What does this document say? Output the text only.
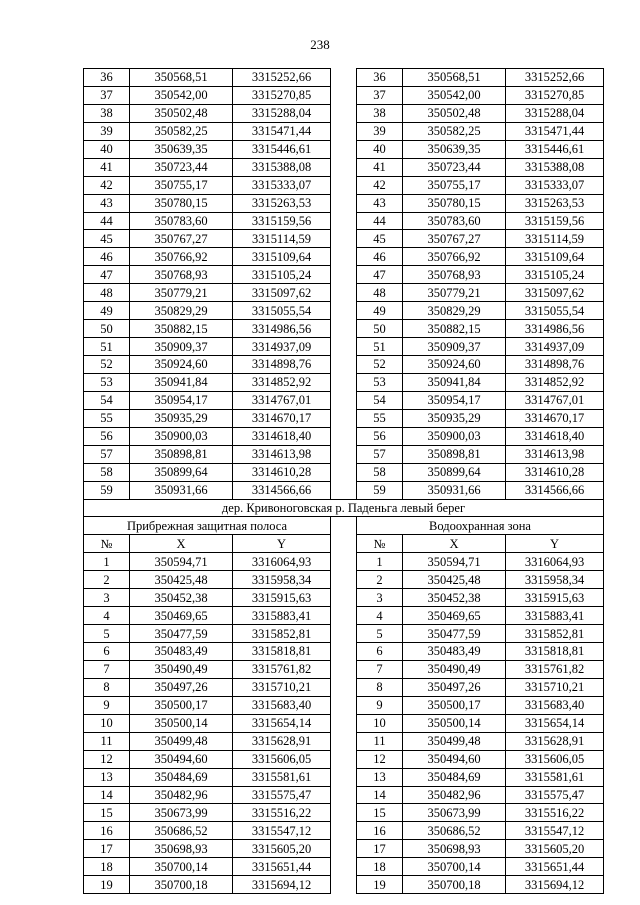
238
36	350568,51	3315252,66		36	350568,51	3315252,66
37	350542,00	3315270,85		37	350542,00	3315270,85
38	350502,48	3315288,04		38	350502,48	3315288,04
39	350582,25	3315471,44		39	350582,25	3315471,44
40	350639,35	3315446,61		40	350639,35	3315446,61
41	350723,44	3315388,08		41	350723,44	3315388,08
42	350755,17	3315333,07		42	350755,17	3315333,07
43	350780,15	3315263,53		43	350780,15	3315263,53
44	350783,60	3315159,56		44	350783,60	3315159,56
45	350767,27	3315114,59		45	350767,27	3315114,59
46	350766,92	3315109,64		46	350766,92	3315109,64
47	350768,93	3315105,24		47	350768,93	3315105,24
48	350779,21	3315097,62		48	350779,21	3315097,62
49	350829,29	3315055,54		49	350829,29	3315055,54
50	350882,15	3314986,56		50	350882,15	3314986,56
51	350909,37	3314937,09		51	350909,37	3314937,09
52	350924,60	3314898,76		52	350924,60	3314898,76
53	350941,84	3314852,92		53	350941,84	3314852,92
54	350954,17	3314767,01		54	350954,17	3314767,01
55	350935,29	3314670,17		55	350935,29	3314670,17
56	350900,03	3314618,40		56	350900,03	3314618,40
57	350898,81	3314613,98		57	350898,81	3314613,98
58	350899,64	3314610,28		58	350899,64	3314610,28
59	350931,66	3314566,66		59	350931,66	3314566,66
дер. Кривоноговская р. Паденьга левый берег						
Прибрежная защитная полоса				Водоохранная зона		
№	X	Y		№	X	Y
1	350594,71	3316064,93		1	350594,71	3316064,93
2	350425,48	3315958,34		2	350425,48	3315958,34
3	350452,38	3315915,63		3	350452,38	3315915,63
4	350469,65	3315883,41		4	350469,65	3315883,41
5	350477,59	3315852,81		5	350477,59	3315852,81
6	350483,49	3315818,81		6	350483,49	3315818,81
7	350490,49	3315761,82		7	350490,49	3315761,82
8	350497,26	3315710,21		8	350497,26	3315710,21
9	350500,17	3315683,40		9	350500,17	3315683,40
10	350500,14	3315654,14		10	350500,14	3315654,14
11	350499,48	3315628,91		11	350499,48	3315628,91
12	350494,60	3315606,05		12	350494,60	3315606,05
13	350484,69	3315581,61		13	350484,69	3315581,61
14	350482,96	3315575,47		14	350482,96	3315575,47
15	350673,99	3315516,22		15	350673,99	3315516,22
16	350686,52	3315547,12		16	350686,52	3315547,12
17	350698,93	3315605,20		17	350698,93	3315605,20
18	350700,14	3315651,44		18	350700,14	3315651,44
19	350700,18	3315694,12		19	350700,18	3315694,12
